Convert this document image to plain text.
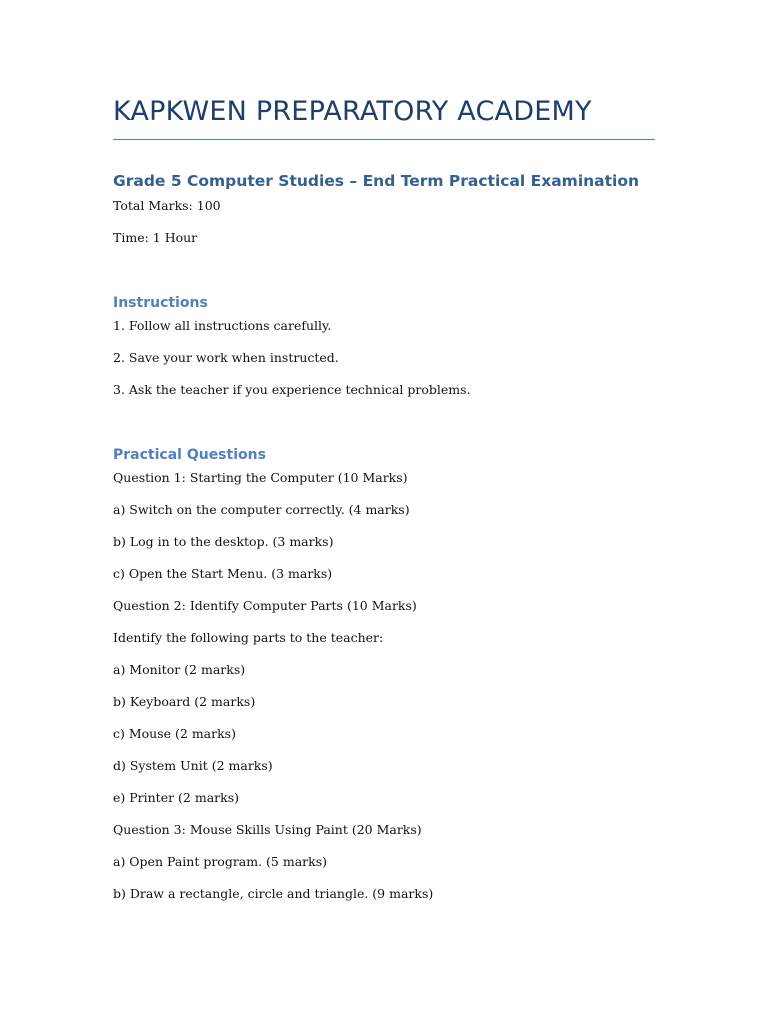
KAPKWEN PREPARATORY ACADEMY
Grade 5 Computer Studies – End Term Practical Examination

Total Marks: 100

Time: 1 Hour

Instructions

1. Follow all instructions carefully.

2. Save your work when instructed.

3. Ask the teacher if you experience technical problems.

Practical Questions

Question 1: Starting the Computer (10 Marks)

a) Switch on the computer correctly. (4 marks)

b) Log in to the desktop. (3 marks)

c) Open the Start Menu. (3 marks)

Question 2: Identify Computer Parts (10 Marks)

Identify the following parts to the teacher:

a) Monitor (2 marks)

b) Keyboard (2 marks)

c) Mouse (2 marks)

d) System Unit (2 marks)

e) Printer (2 marks)

Question 3: Mouse Skills Using Paint (20 Marks)

a) Open Paint program. (5 marks)

b) Draw a rectangle, circle and triangle. (9 marks)
